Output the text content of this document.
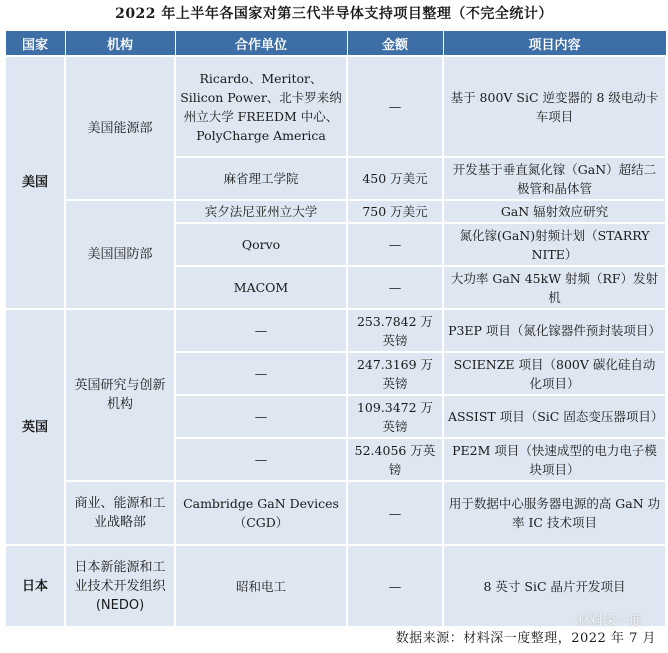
2022 年上半年各国家对第三代半导体支持项目整理（不完全统计）
国家	机构	合作单位	金额	项目内容
美国	美国能源部	Ricardo、Meritor、Silicon Power、北卡罗来纳州立大学 FREEDM 中心、PolyCharge America	—	基于 800V SiC 逆变器的 8 级电动卡车项目
		麻省理工学院	450 万美元	开发基于垂直氮化镓（GaN）超结二极管和晶体管
	美国国防部	宾夕法尼亚州立大学	750 万美元	GaN 辐射效应研究
		Qorvo	—	氮化镓(GaN)射频计划（STARRY NITE）
		MACOM	—	大功率 GaN 45kW 射频（RF）发射机
英国	英国研究与创新机构	—	253.7842 万英镑	P3EP 项目（氮化镓器件预封装项目）
		—	247.3169 万英镑	SCIENZE 项目（800V 碳化硅自动化项目）
		—	109.3472 万英镑	ASSIST 项目（SiC 固态变压器项目）
		—	52.4056 万英镑	PE2M 项目（快速成型的电力电子模块项目）
	商业、能源和工业战略部	Cambridge GaN Devices（CGD）	—	用于数据中心服务器电源的高 GaN 功率 IC 技术项目
日本	日本新能源和工业技术开发组织(NEDO)	昭和电工	—	8 英寸 SiC 晶片开发项目
材料深一度
数据来源：材料深一度整理，2022 年 7 月
